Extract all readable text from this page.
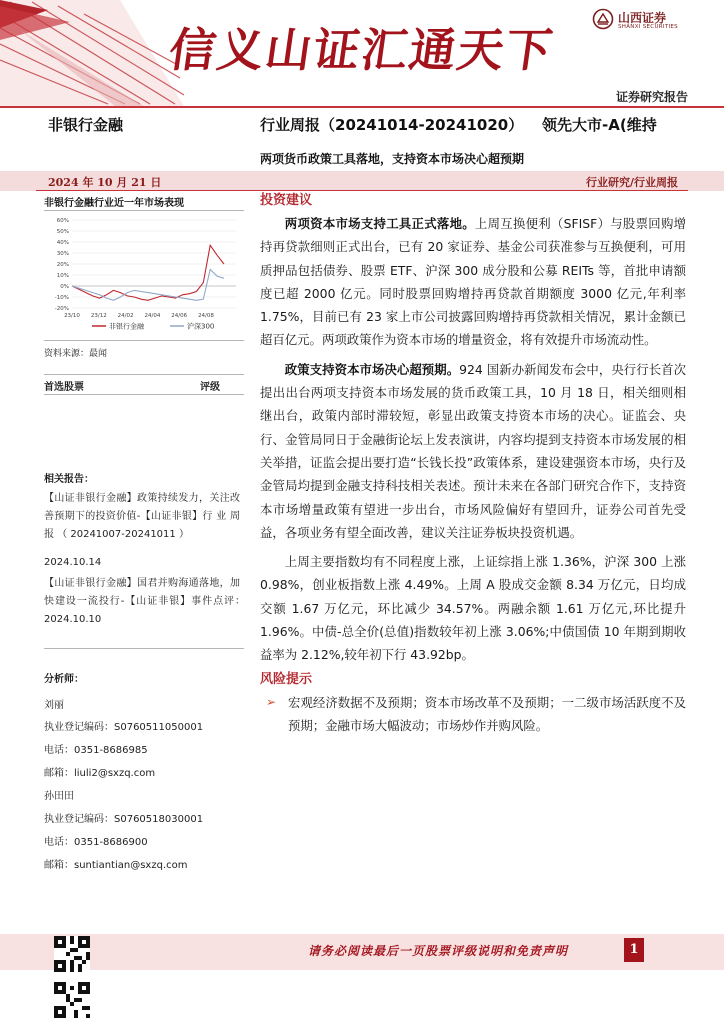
信义山证汇通天下
山西证券
SHANXI SECURITIES
证券研究报告
非银行金融	行业周报（20241014-20241020） 领先大市-A(维持
两项货币政策工具落地，支持资本市场决心超预期
2024 年 10 月 21 日	行业研究/行业周报
非银行金融行业近一年市场表现
-20%
-10%
0%
10%
20%
30%
40%
50%
60%
23/10 23/12 24/02 24/04 24/06 24/08
非银行金融	沪深300
资料来源：最闻
首选股票	评级
相关报告：
【山证非银行金融】政策持续发力，关注改善预期下的投资价值-【山证非银】行 业 周 报 （ 20241007-20241011 ）
2024.10.14
【山证非银行金融】国君并购海通落地，加快建设一流投行-【山证非银】事件点评：　2024.10.10
分析师：
刘丽
执业登记编码：S0760511050001
电话：0351-8686985
邮箱：liuli2@sxzq.com
孙田田
执业登记编码：S0760518030001
电话：0351-8686900
邮箱：suntiantian@sxzq.com
投资建议

两项资本市场支持工具正式落地。上周互换便利（SFISF）与股票回购增持再贷款细则正式出台，已有 20 家证券、基金公司获准参与互换便利，可用质押品包括债券、股票 ETF、沪深 300 成分股和公募 REITs 等，首批申请额度已超 2000 亿元。同时股票回购增持再贷款首期额度 3000 亿元,年利率 1.75%，目前已有 23 家上市公司披露回购增持再贷款相关情况，累计金额已超百亿元。两项政策作为资本市场的增量资金，将有效提升市场流动性。

政策支持资本市场决心超预期。924 国新办新闻发布会中，央行行长首次提出出台两项支持资本市场发展的货币政策工具，10 月 18 日，相关细则相继出台，政策内部时滞较短，彰显出政策支持资本市场的决心。证监会、央行、金管局同日于金融街论坛上发表演讲，内容均提到支持资本市场发展的相关举措，证监会提出要打造“长钱长投”政策体系，建设建强资本市场，央行及金管局均提到金融支持科技相关表述。预计未来在各部门研究合作下，支持资本市场增量政策有望进一步出台，市场风险偏好有望回升，证券公司首先受益，各项业务有望全面改善，建议关注证券板块投资机遇。

上周主要指数均有不同程度上涨，上证综指上涨 1.36%，沪深 300 上涨 0.98%，创业板指数上涨 4.49%。上周 A 股成交金额 8.34 万亿元，日均成交额 1.67 万亿元，环比减少 34.57%。两融余额 1.61 万亿元,环比提升 1.96%。中债-总全价(总值)指数较年初上涨 3.06%;中债国债 10 年期到期收益率为 2.12%,较年初下行 43.92bp。

风险提示
➢ 宏观经济数据不及预期；资本市场改革不及预期；一二级市场活跃度不及预期；金融市场大幅波动；市场炒作并购风险。

请务必阅读最后一页股票评级说明和免责声明	1
